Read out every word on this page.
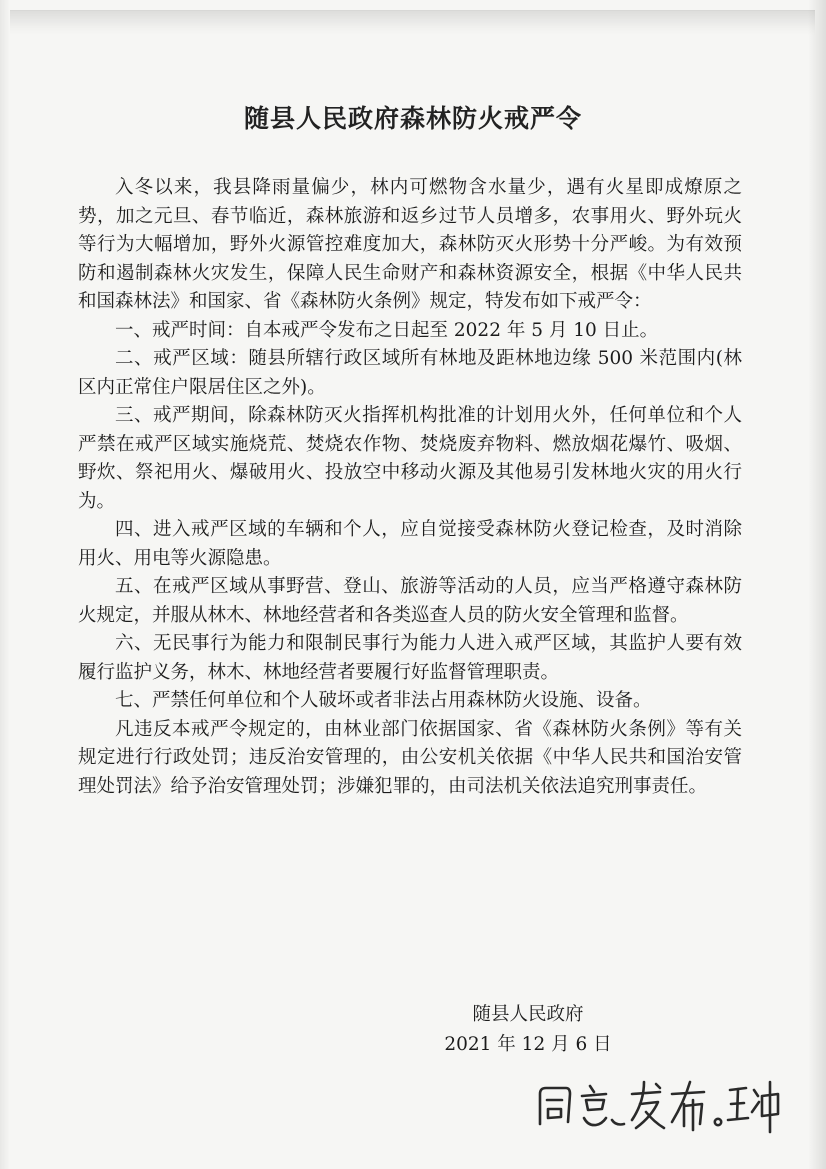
随县人民政府森林防火戒严令

入冬以来，我县降雨量偏少，林内可燃物含水量少，遇有火星即成燎原之势，加之元旦、春节临近，森林旅游和返乡过节人员增多，农事用火、野外玩火等行为大幅增加，野外火源管控难度加大，森林防灭火形势十分严峻。为有效预防和遏制森林火灾发生，保障人民生命财产和森林资源安全，根据《中华人民共和国森林法》和国家、省《森林防火条例》规定，特发布如下戒严令：

一、戒严时间：自本戒严令发布之日起至 2022 年 5 月 10 日止。

二、戒严区域：随县所辖行政区域所有林地及距林地边缘 500 米范围内(林区内正常住户限居住区之外)。

三、戒严期间，除森林防灭火指挥机构批准的计划用火外，任何单位和个人严禁在戒严区域实施烧荒、焚烧农作物、焚烧废弃物料、燃放烟花爆竹、吸烟、野炊、祭祀用火、爆破用火、投放空中移动火源及其他易引发林地火灾的用火行为。

四、进入戒严区域的车辆和个人，应自觉接受森林防火登记检查，及时消除用火、用电等火源隐患。

五、在戒严区域从事野营、登山、旅游等活动的人员，应当严格遵守森林防火规定，并服从林木、林地经营者和各类巡查人员的防火安全管理和监督。

六、无民事行为能力和限制民事行为能力人进入戒严区域，其监护人要有效履行监护义务，林木、林地经营者要履行好监督管理职责。

七、严禁任何单位和个人破坏或者非法占用森林防火设施、设备。

凡违反本戒严令规定的，由林业部门依据国家、省《森林防火条例》等有关规定进行行政处罚；违反治安管理的，由公安机关依据《中华人民共和国治安管理处罚法》给予治安管理处罚；涉嫌犯罪的，由司法机关依法追究刑事责任。

随县人民政府
2021 年 12 月 6 日
